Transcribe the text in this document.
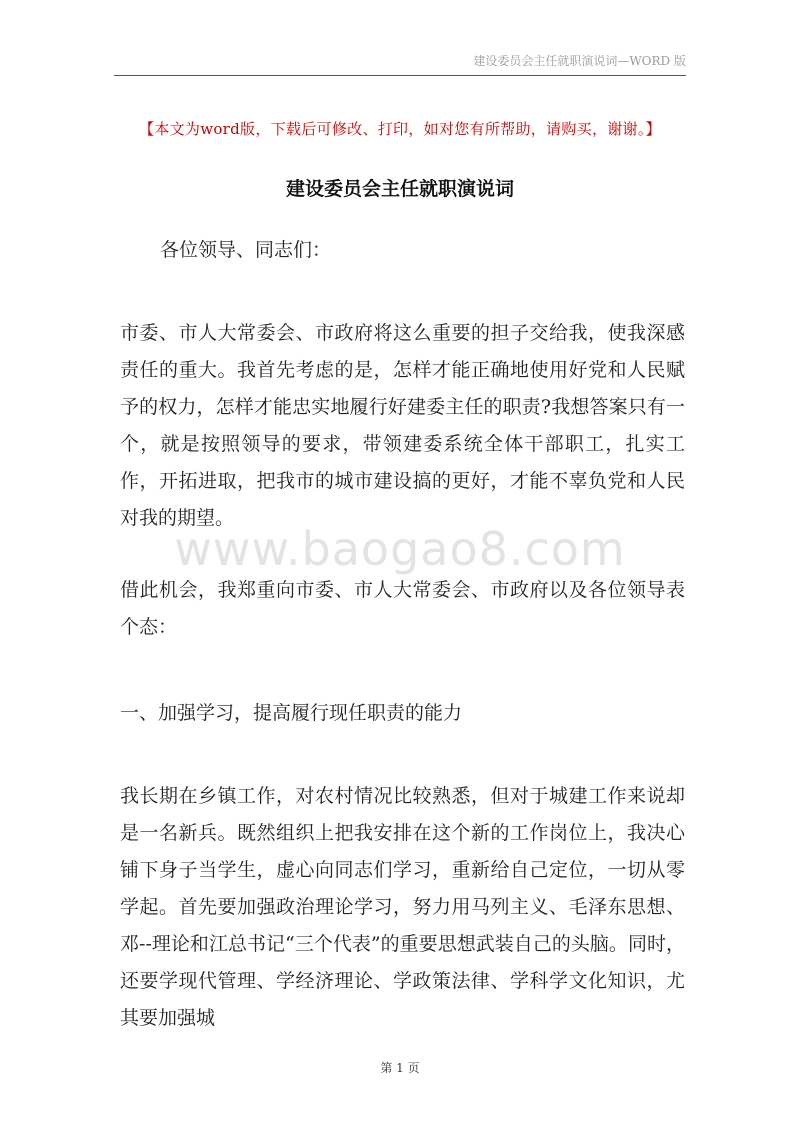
建设委员会主任就职演说词—WORD 版
【本文为word版，下载后可修改、打印，如对您有所帮助，请购买，谢谢。】
建设委员会主任就职演说词

各位领导、同志们：

市委、市人大常委会、市政府将这么重要的担子交给我，使我深感责任的重大。我首先考虑的是，怎样才能正确地使用好党和人民赋予的权力，怎样才能忠实地履行好建委主任的职责?我想答案只有一个，就是按照领导的要求，带领建委系统全体干部职工，扎实工作，开拓进取，把我市的城市建设搞的更好，才能不辜负党和人民对我的期望。

www.baogao8.com

借此机会，我郑重向市委、市人大常委会、市政府以及各位领导表个态：

一、加强学习，提高履行现任职责的能力

我长期在乡镇工作，对农村情况比较熟悉，但对于城建工作来说却是一名新兵。既然组织上把我安排在这个新的工作岗位上，我决心铺下身子当学生，虚心向同志们学习，重新给自己定位，一切从零学起。首先要加强政治理论学习，努力用马列主义、毛泽东思想、邓--理论和江总书记“三个代表”的重要思想武装自己的头脑。同时，还要学现代管理、学经济理论、学政策法律、学科学文化知识，尤其要加强城

第 1 页
